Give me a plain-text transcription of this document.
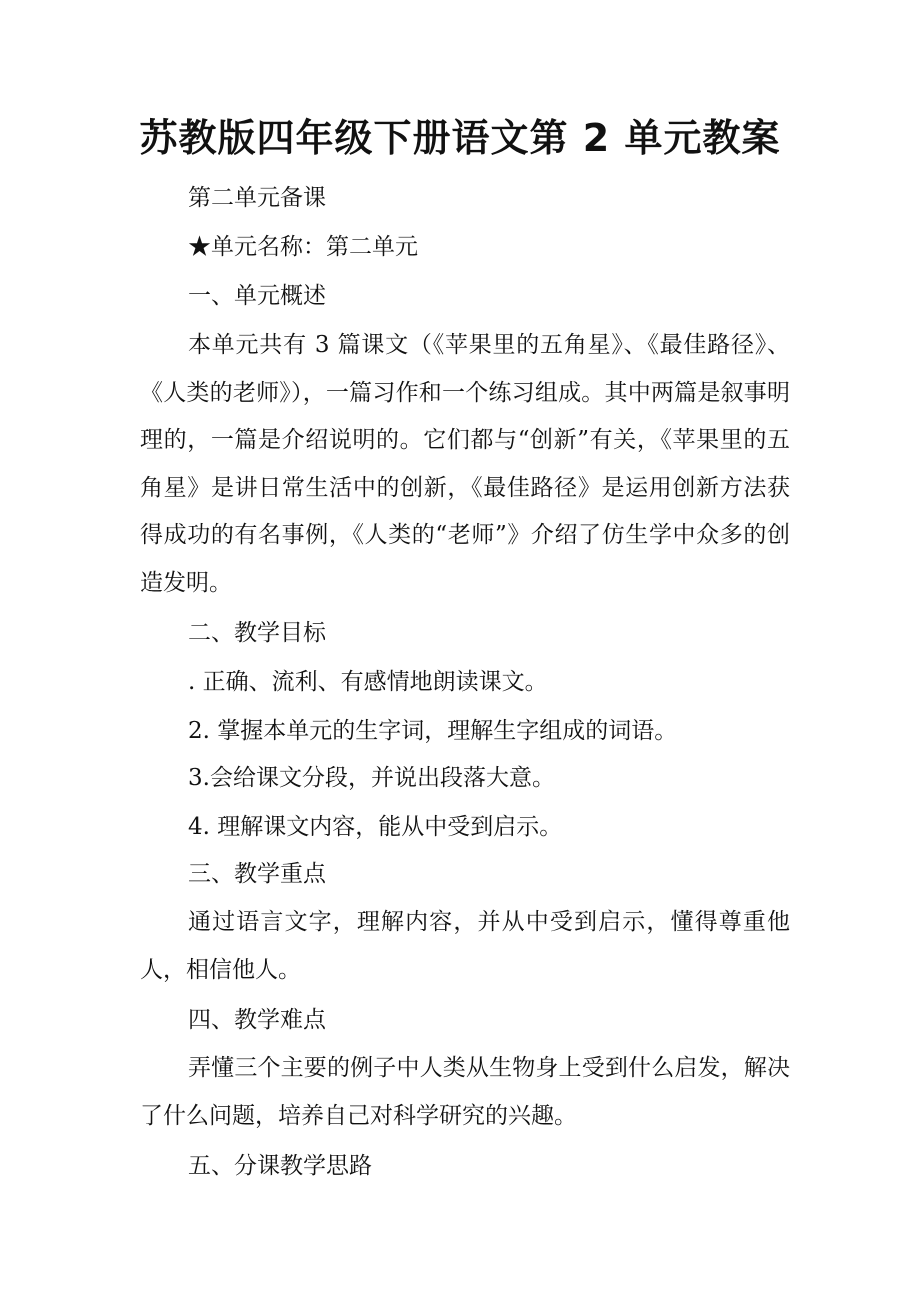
苏教版四年级下册语文第 2 单元教案
第二单元备课
★单元名称：第二单元
一、单元概述
本单元共有 3 篇课文（《苹果里的五角星》、《最佳路径》、《人类的老师》），一篇习作和一个练习组成。其中两篇是叙事明理的，一篇是介绍说明的。它们都与“创新”有关，《苹果里的五角星》是讲日常生活中的创新，《最佳路径》是运用创新方法获得成功的有名事例，《人类的“老师”》介绍了仿生学中众多的创造发明。
二、教学目标
. 正确、流利、有感情地朗读课文。
2. 掌握本单元的生字词，理解生字组成的词语。
3.会给课文分段，并说出段落大意。
4. 理解课文内容，能从中受到启示。
三、教学重点
通过语言文字，理解内容，并从中受到启示，懂得尊重他人，相信他人。
四、教学难点
弄懂三个主要的例子中人类从生物身上受到什么启发，解决了什么问题，培养自己对科学研究的兴趣。
五、分课教学思路
